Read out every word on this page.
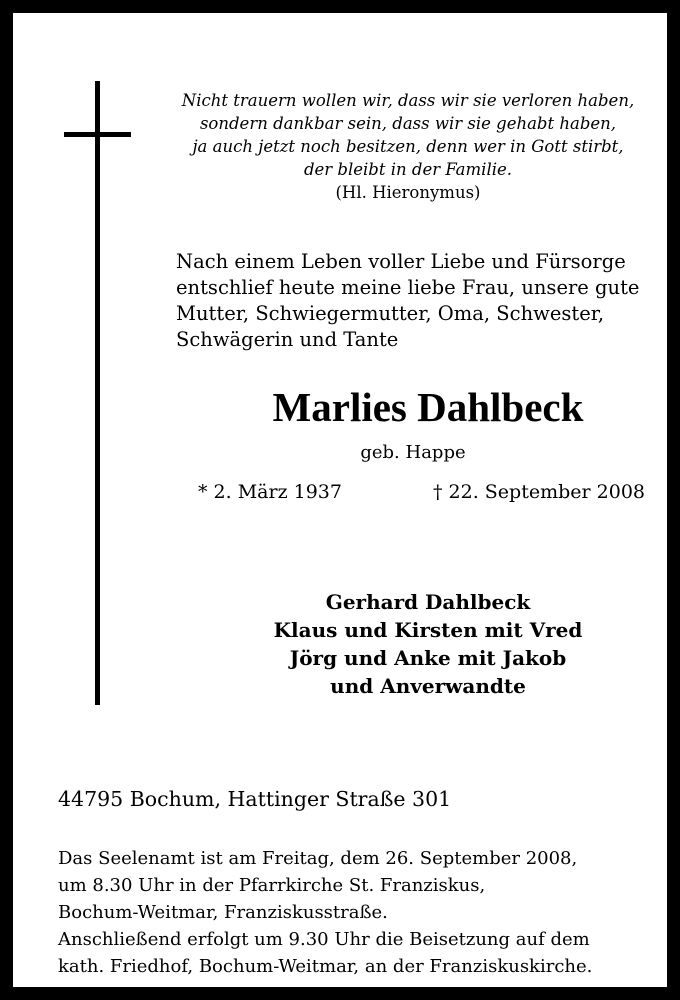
Nicht trauern wollen wir, dass wir sie verloren haben,
sondern dankbar sein, dass wir sie gehabt haben,
ja auch jetzt noch besitzen, denn wer in Gott stirbt,
der bleibt in der Familie.
(Hl. Hieronymus)
Nach einem Leben voller Liebe und Fürsorge
entschlief heute meine liebe Frau, unsere gute
Mutter, Schwiegermutter, Oma, Schwester,
Schwägerin und Tante
Marlies Dahlbeck
geb. Happe
* 2. März 1937	† 22. September 2008
Gerhard Dahlbeck
Klaus und Kirsten mit Vred
Jörg und Anke mit Jakob
und Anverwandte
44795 Bochum, Hattinger Straße 301
Das Seelenamt ist am Freitag, dem 26. September 2008,
um 8.30 Uhr in der Pfarrkirche St. Franziskus,
Bochum-Weitmar, Franziskusstraße.
Anschließend erfolgt um 9.30 Uhr die Beisetzung auf dem
kath. Friedhof, Bochum-Weitmar, an der Franziskuskirche.
